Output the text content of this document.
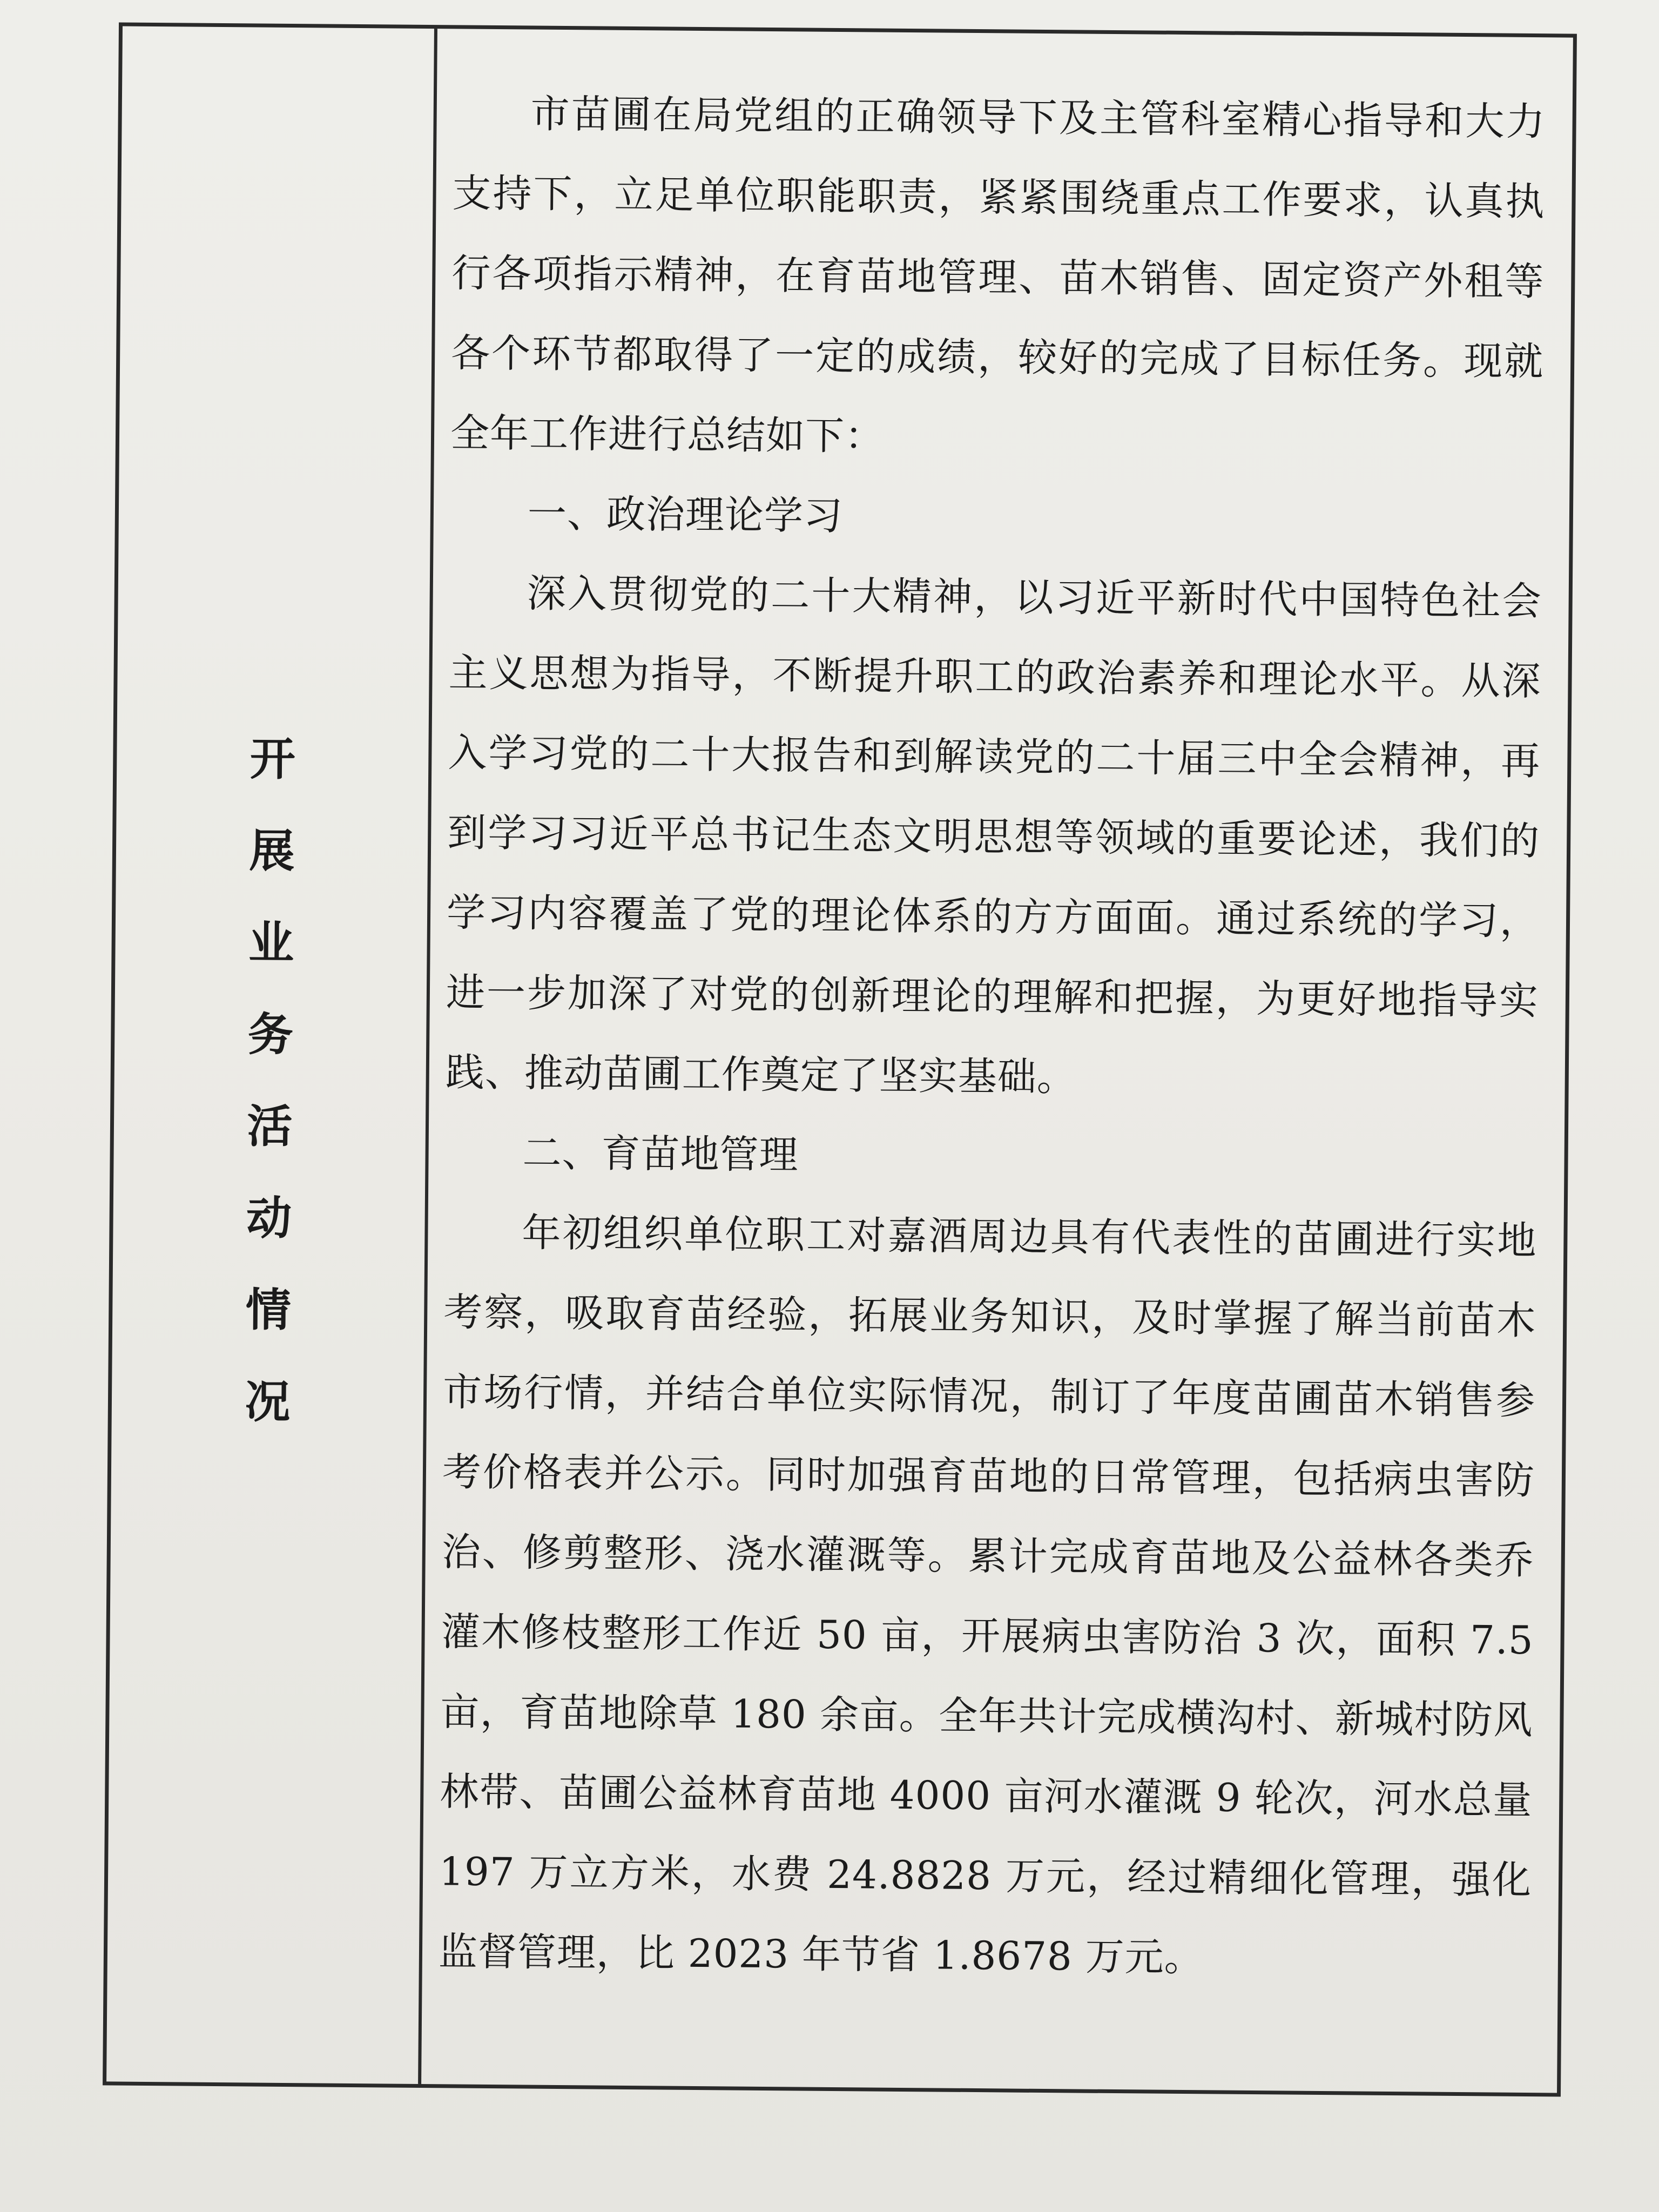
开
展
业
务
活
动
情
况

市苗圃在局党组的正确领导下及主管科室精心指导和大力支持下，立足单位职能职责，紧紧围绕重点工作要求，认真执行各项指示精神，在育苗地管理、苗木销售、固定资产外租等各个环节都取得了一定的成绩，较好的完成了目标任务。现就全年工作进行总结如下：

一、政治理论学习

深入贯彻党的二十大精神，以习近平新时代中国特色社会主义思想为指导，不断提升职工的政治素养和理论水平。从深入学习党的二十大报告和到解读党的二十届三中全会精神，再到学习习近平总书记生态文明思想等领域的重要论述，我们的学习内容覆盖了党的理论体系的方方面面。通过系统的学习，进一步加深了对党的创新理论的理解和把握，为更好地指导实践、推动苗圃工作奠定了坚实基础。

二、育苗地管理

年初组织单位职工对嘉酒周边具有代表性的苗圃进行实地考察，吸取育苗经验，拓展业务知识，及时掌握了解当前苗木市场行情，并结合单位实际情况，制订了年度苗圃苗木销售参考价格表并公示。同时加强育苗地的日常管理，包括病虫害防治、修剪整形、浇水灌溉等。累计完成育苗地及公益林各类乔灌木修枝整形工作近 50 亩，开展病虫害防治 3 次，面积 7.5 亩，育苗地除草 180 余亩。全年共计完成横沟村、新城村防风林带、苗圃公益林育苗地 4000 亩河水灌溉 9 轮次，河水总量 197 万立方米，水费 24.8828 万元，经过精细化管理，强化监督管理，比 2023 年节省 1.8678 万元。
